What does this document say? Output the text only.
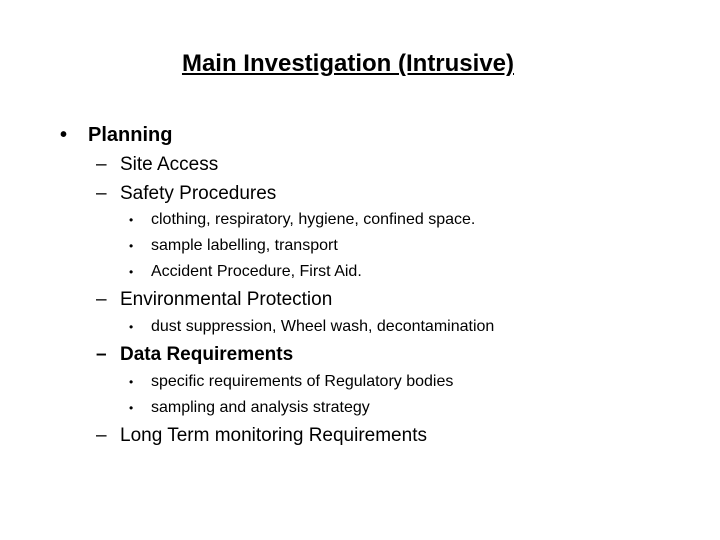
Main Investigation (Intrusive)
• Planning
– Site Access
– Safety Procedures
• clothing, respiratory, hygiene, confined space.
• sample labelling, transport
• Accident Procedure, First Aid.
– Environmental Protection
• dust suppression, Wheel wash, decontamination
– Data Requirements
• specific requirements of Regulatory bodies
• sampling and analysis strategy
– Long Term monitoring Requirements
